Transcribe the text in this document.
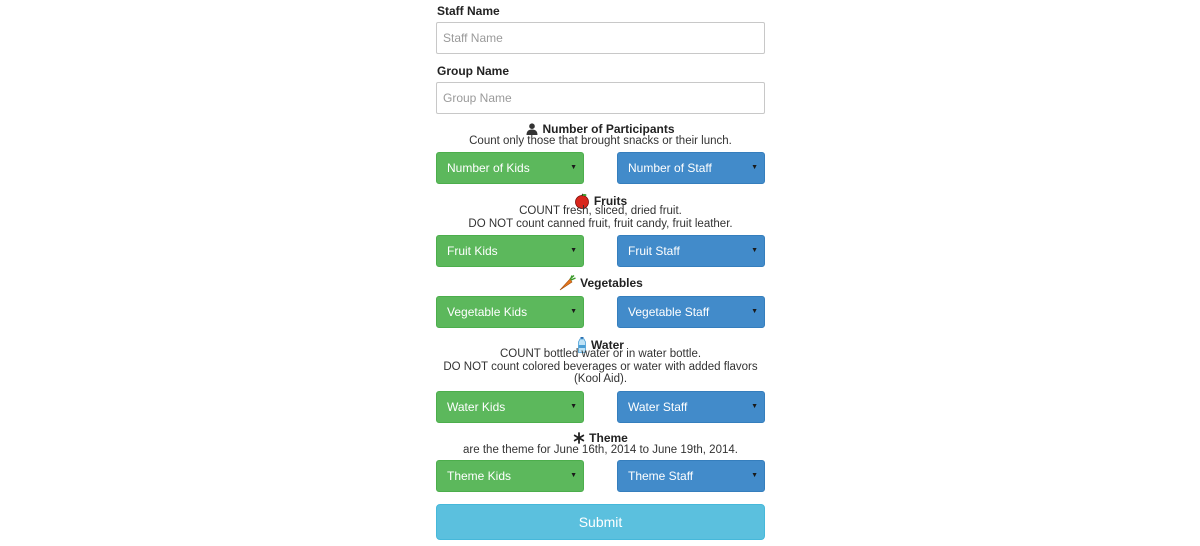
Staff Name
Staff Name
Group Name
Group Name
Number of Participants
Count only those that brought snacks or their lunch.
Number of Kids	▼	Number of Staff	▼
Fruits
COUNT fresh, sliced, dried fruit.
DO NOT count canned fruit, fruit candy, fruit leather.
Fruit Kids	▼	Fruit Staff	▼
Vegetables
Vegetable Kids	▼	Vegetable Staff	▼
Water
COUNT bottled water or in water bottle.
DO NOT count colored beverages or water with added flavors
(Kool Aid).
Water Kids	▼	Water Staff	▼
Theme
are the theme for June 16th, 2014 to June 19th, 2014.
Theme Kids	▼	Theme Staff	▼
Submit
